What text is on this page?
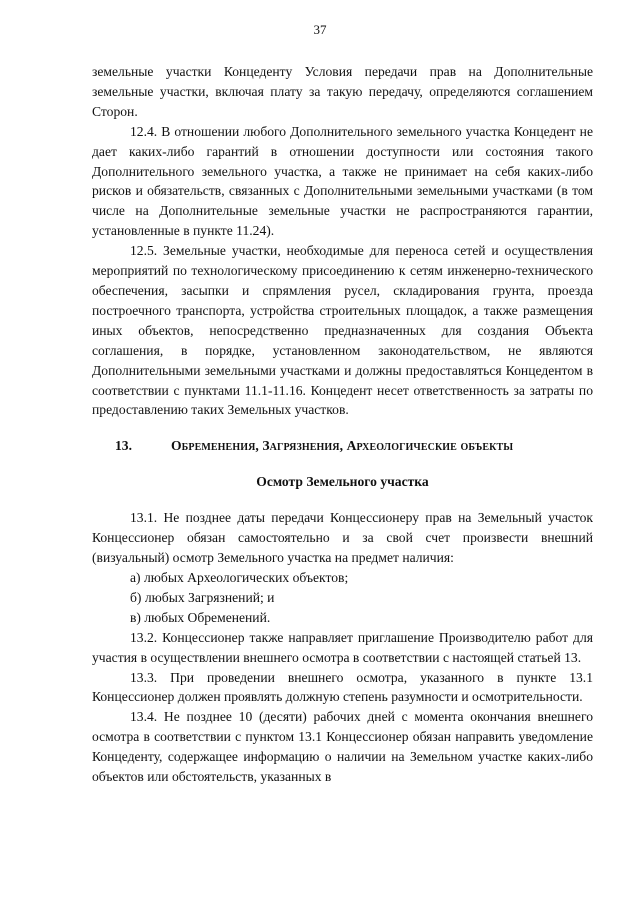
37

земельные участки Концеденту Условия передачи прав на Дополнительные земельные участки, включая плату за такую передачу, определяются соглашением Сторон.

12.4. В отношении любого Дополнительного земельного участка Концедент не дает каких-либо гарантий в отношении доступности или состояния такого Дополнительного земельного участка, а также не принимает на себя каких-либо рисков и обязательств, связанных с Дополнительными земельными участками (в том числе на Дополнительные земельные участки не распространяются гарантии, установленные в пункте 11.24).

12.5. Земельные участки, необходимые для переноса сетей и осуществления мероприятий по технологическому присоединению к сетям инженерно-технического обеспечения, засыпки и спрямления русел, складирования грунта, проезда построечного транспорта, устройства строительных площадок, а также размещения иных объектов, непосредственно предназначенных для создания Объекта соглашения, в порядке, установленном законодательством, не являются Дополнительными земельными участками и должны предоставляться Концедентом в соответствии с пунктами 11.1-11.16. Концедент несет ответственность за затраты по предоставлению таких Земельных участков.

13.	Обременения, Загрязнения, Археологические объекты

Осмотр Земельного участка

13.1. Не позднее даты передачи Концессионеру прав на Земельный участок Концессионер обязан самостоятельно и за свой счет произвести внешний (визуальный) осмотр Земельного участка на предмет наличия:

а) любых Археологических объектов;

б) любых Загрязнений; и

в) любых Обременений.

13.2. Концессионер также направляет приглашение Производителю работ для участия в осуществлении внешнего осмотра в соответствии с настоящей статьей 13.

13.3. При проведении внешнего осмотра, указанного в пункте 13.1 Концессионер должен проявлять должную степень разумности и осмотрительности.

13.4. Не позднее 10 (десяти) рабочих дней с момента окончания внешнего осмотра в соответствии с пунктом 13.1 Концессионер обязан направить уведомление Концеденту, содержащее информацию о наличии на Земельном участке каких-либо объектов или обстоятельств, указанных в
